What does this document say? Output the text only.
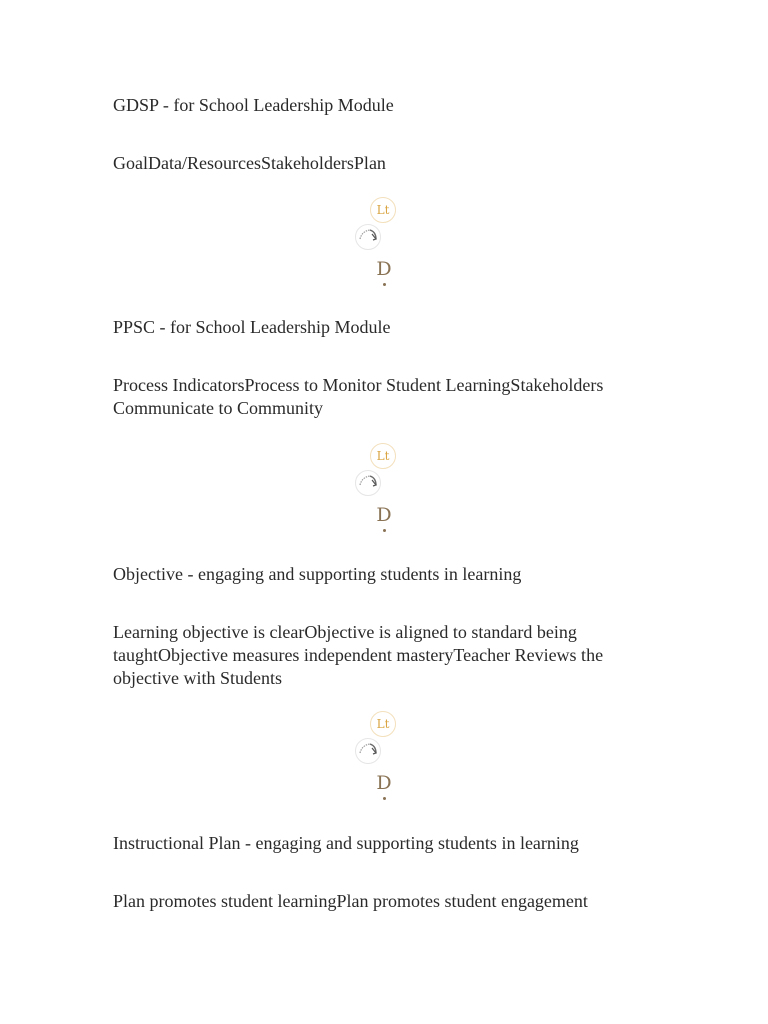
GDSP - for School Leadership Module

GoalData/ResourcesStakeholdersPlan

Lt
D

PPSC - for School Leadership Module

Process IndicatorsProcess to Monitor Student LearningStakeholders Communicate to Community

Lt
D

Objective - engaging and supporting students in learning

Learning objective is clearObjective is aligned to standard being taughtObjective measures independent masteryTeacher Reviews the objective with Students

Lt
D

Instructional Plan - engaging and supporting students in learning

Plan promotes student learningPlan promotes student engagement
